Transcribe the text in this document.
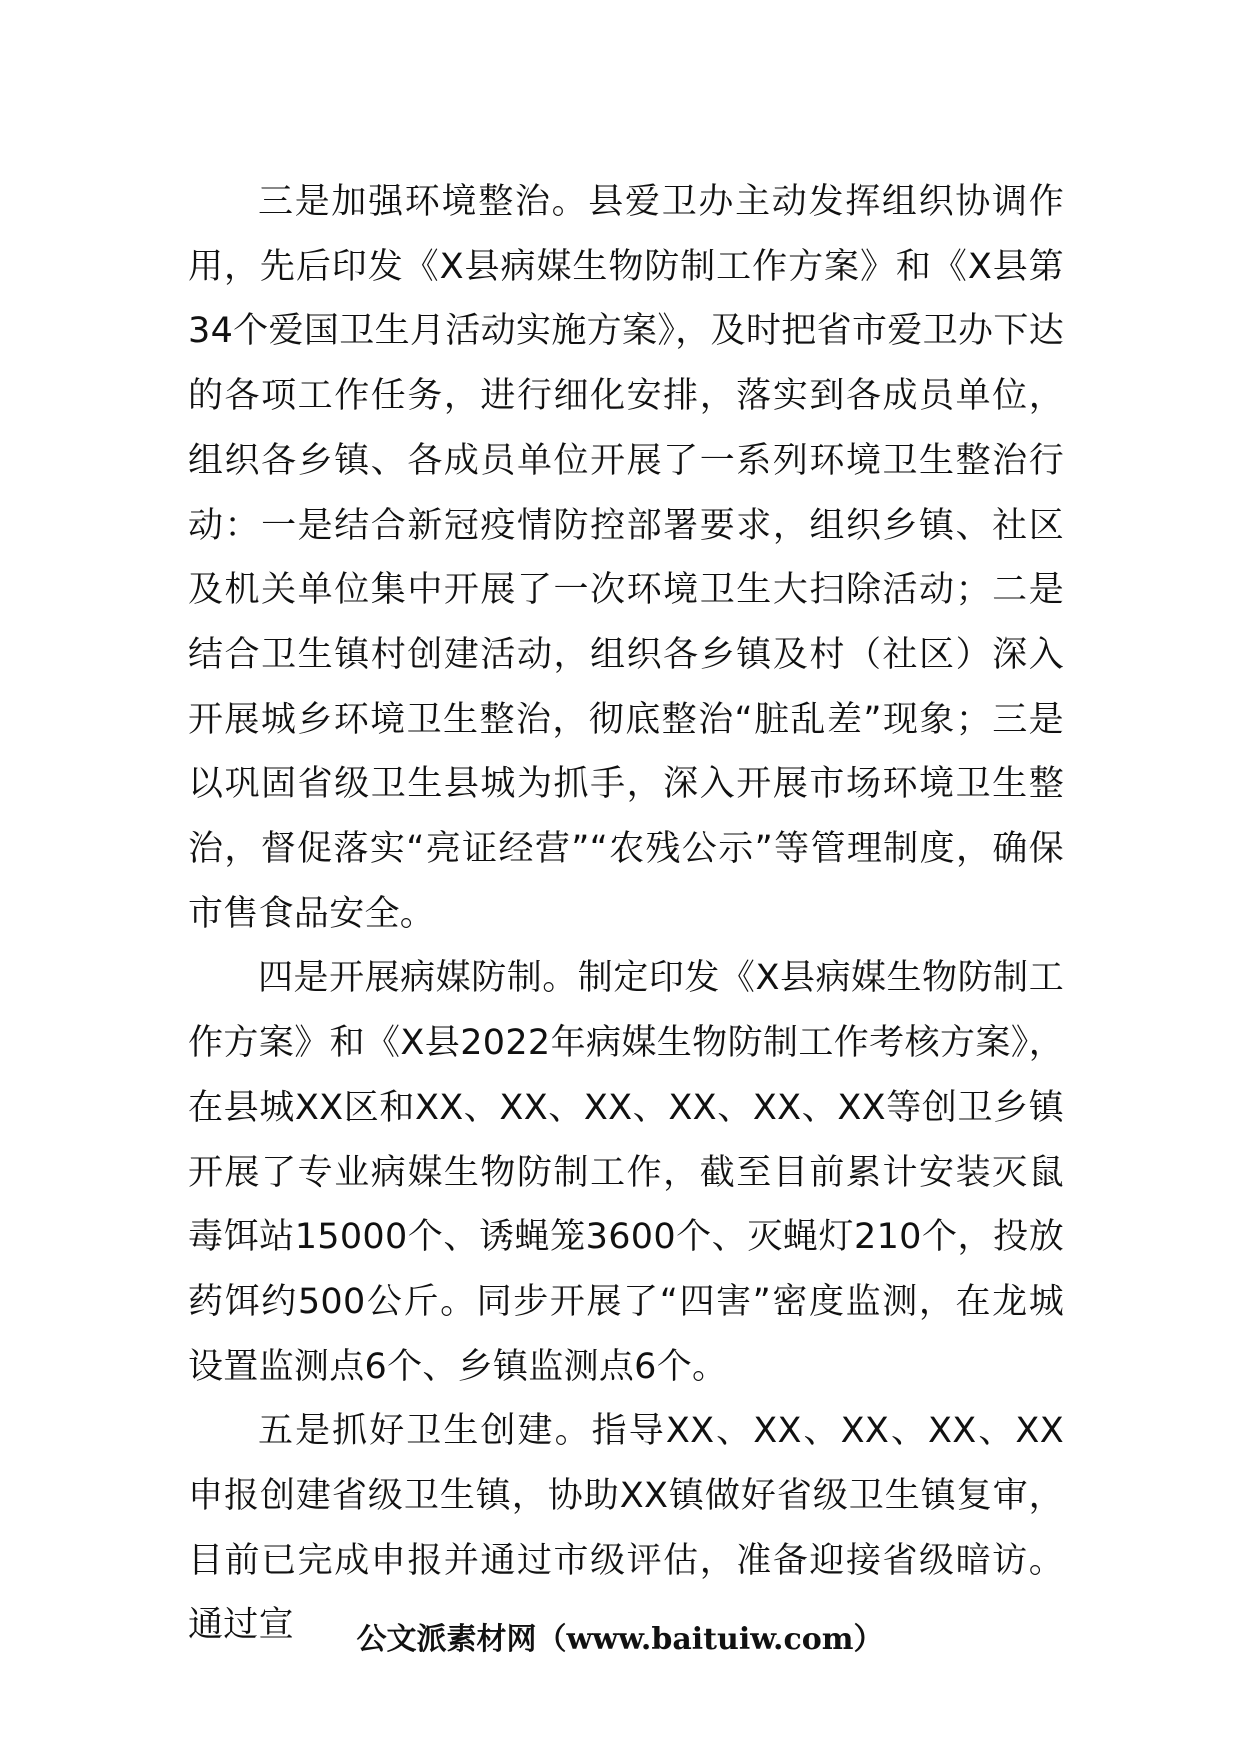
三是加强环境整治。县爱卫办主动发挥组织协调作用，先后印发《X县病媒生物防制工作方案》和《X县第34个爱国卫生月活动实施方案》，及时把省市爱卫办下达的各项工作任务，进行细化安排，落实到各成员单位，组织各乡镇、各成员单位开展了一系列环境卫生整治行动：一是结合新冠疫情防控部署要求，组织乡镇、社区及机关单位集中开展了一次环境卫生大扫除活动；二是结合卫生镇村创建活动，组织各乡镇及村（社区）深入开展城乡环境卫生整治，彻底整治“脏乱差”现象；三是以巩固省级卫生县城为抓手，深入开展市场环境卫生整治，督促落实“亮证经营”“农残公示”等管理制度，确保市售食品安全。

四是开展病媒防制。制定印发《X县病媒生物防制工作方案》和《X县2022年病媒生物防制工作考核方案》，在县城XX区和XX、XX、XX、XX、XX、XX等创卫乡镇开展了专业病媒生物防制工作，截至目前累计安装灭鼠毒饵站15000个、诱蝇笼3600个、灭蝇灯210个，投放药饵约500公斤。同步开展了“四害”密度监测，在龙城设置监测点6个、乡镇监测点6个。

五是抓好卫生创建。指导XX、XX、XX、XX、XX申报创建省级卫生镇，协助XX镇做好省级卫生镇复审，目前已完成申报并通过市级评估，准备迎接省级暗访。通过宣	公文派素材网（www.baituiw.com）
